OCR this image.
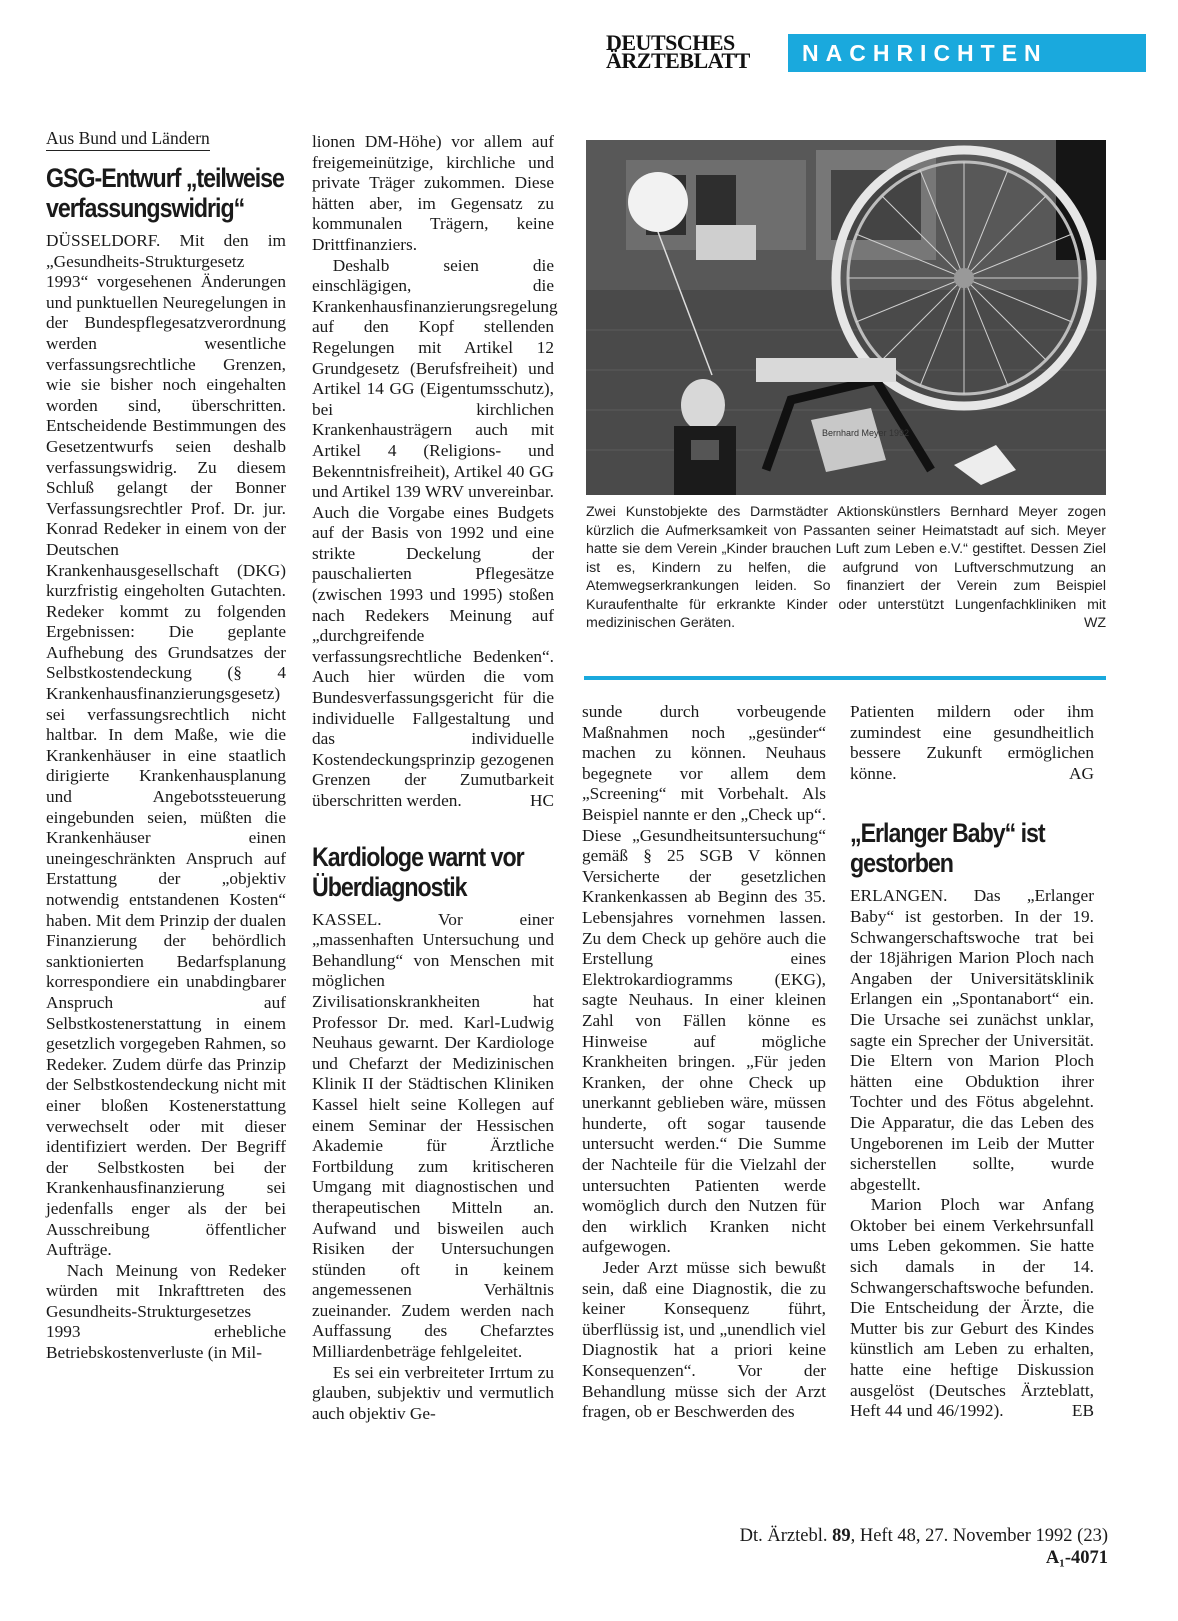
DEUTSCHES
ÄRZTEBLATT	NACHRICHTEN
Aus Bund und Ländern
GSG-Entwurf „teilweise verfassungswidrig“

DÜSSELDORF. Mit den im „Gesundheits-Strukturgesetz 1993“ vorgesehenen Änderungen und punktuellen Neuregelungen in der Bundespflegesatzverordnung werden wesentliche verfassungsrechtliche Grenzen, wie sie bisher noch eingehalten worden sind, überschritten. Entscheidende Bestimmungen des Gesetzentwurfs seien deshalb verfassungswidrig. Zu diesem Schluß gelangt der Bonner Verfassungsrechtler Prof. Dr. jur. Konrad Redeker in einem von der Deutschen Krankenhausgesellschaft (DKG) kurzfristig eingeholten Gutachten. Redeker kommt zu folgenden Ergebnissen: Die geplante Aufhebung des Grundsatzes der Selbstkostendeckung (§ 4 Krankenhausfinanzierungsgesetz) sei verfassungsrechtlich nicht haltbar. In dem Maße, wie die Krankenhäuser in eine staatlich dirigierte Krankenhausplanung und Angebotssteuerung eingebunden seien, müßten die Krankenhäuser einen uneingeschränkten Anspruch auf Erstattung der „objektiv notwendig entstandenen Kosten“ haben. Mit dem Prinzip der dualen Finanzierung der behördlich sanktionierten Bedarfsplanung korrespondiere ein unabdingbarer Anspruch auf Selbstkostenerstattung in einem gesetzlich vorgegeben Rahmen, so Redeker. Zudem dürfe das Prinzip der Selbstkostendeckung nicht mit einer bloßen Kostenerstattung verwechselt oder mit dieser identifiziert werden. Der Begriff der Selbstkosten bei der Krankenhausfinanzierung sei jedenfalls enger als der bei Ausschreibung öffentlicher Aufträge.

Nach Meinung von Redeker würden mit Inkrafttreten des Gesundheits-Strukturgesetzes 1993 erhebliche Betriebskostenverluste (in Mil-

lionen DM-Höhe) vor allem auf freigemeinützige, kirchliche und private Träger zukommen. Diese hätten aber, im Gegensatz zu kommunalen Trägern, keine Drittfinanziers.

Deshalb seien die einschlägigen, die Krankenhausfinanzierungsregelung auf den Kopf stellenden Regelungen mit Artikel 12 Grundgesetz (Berufsfreiheit) und Artikel 14 GG (Eigentumsschutz), bei kirchlichen Krankenhausträgern auch mit Artikel 4 (Religions- und Bekenntnisfreiheit), Artikel 40 GG und Artikel 139 WRV unvereinbar. Auch die Vorgabe eines Budgets auf der Basis von 1992 und eine strikte Deckelung der pauschalierten Pflegesätze (zwischen 1993 und 1995) stoßen nach Redekers Meinung auf „durchgreifende verfassungsrechtliche Bedenken“. Auch hier würden die vom Bundesverfassungsgericht für die individuelle Fallgestaltung und das individuelle Kostendeckungsprinzip gezogenen Grenzen der Zumutbarkeit überschritten werden.	HC

Kardiologe warnt vor Überdiagnostik

KASSEL. Vor einer „massenhaften Untersuchung und Behandlung“ von Menschen mit möglichen Zivilisationskrankheiten hat Professor Dr. med. Karl-Ludwig Neuhaus gewarnt. Der Kardiologe und Chefarzt der Medizinischen Klinik II der Städtischen Kliniken Kassel hielt seine Kollegen auf einem Seminar der Hessischen Akademie für Ärztliche Fortbildung zum kritischeren Umgang mit diagnostischen und therapeutischen Mitteln an. Aufwand und bisweilen auch Risiken der Untersuchungen stünden oft in keinem angemessenen Verhältnis zueinander. Zudem werden nach Auffassung des Chefarztes Milliardenbeträge fehlgeleitet.

Es sei ein verbreiteter Irrtum zu glauben, subjektiv und vermutlich auch objektiv Ge-

Bernhard Meyer 1992

Zwei Kunstobjekte des Darmstädter Aktionskünstlers Bernhard Meyer zogen kürzlich die Aufmerksamkeit von Passanten seiner Heimatstadt auf sich. Meyer hatte sie dem Verein „Kinder brauchen Luft zum Leben e.V.“ gestiftet. Dessen Ziel ist es, Kindern zu helfen, die aufgrund von Luftverschmutzung an Atemwegserkrankungen leiden. So finanziert der Verein zum Beispiel Kuraufenthalte für erkrankte Kinder oder unterstützt Lungenfachkliniken mit medizinischen Geräten.	WZ

sunde durch vorbeugende Maßnahmen noch „gesünder“ machen zu können. Neuhaus begegnete vor allem dem „Screening“ mit Vorbehalt. Als Beispiel nannte er den „Check up“. Diese „Gesundheitsuntersuchung“ gemäß § 25 SGB V können Versicherte der gesetzlichen Krankenkassen ab Beginn des 35. Lebensjahres vornehmen lassen. Zu dem Check up gehöre auch die Erstellung eines Elektrokardiogramms (EKG), sagte Neuhaus. In einer kleinen Zahl von Fällen könne es Hinweise auf mögliche Krankheiten bringen. „Für jeden Kranken, der ohne Check up unerkannt geblieben wäre, müssen hunderte, oft sogar tausende untersucht werden.“ Die Summe der Nachteile für die Vielzahl der untersuchten Patienten werde womöglich durch den Nutzen für den wirklich Kranken nicht aufgewogen.

Jeder Arzt müsse sich bewußt sein, daß eine Diagnostik, die zu keiner Konsequenz führt, überflüssig ist, und „unendlich viel Diagnostik hat a priori keine Konsequenzen“. Vor der Behandlung müsse sich der Arzt fragen, ob er Beschwerden des

Patienten mildern oder ihm zumindest eine gesundheitlich bessere Zukunft ermöglichen könne.	AG

„Erlanger Baby“ ist gestorben

ERLANGEN. Das „Erlanger Baby“ ist gestorben. In der 19. Schwangerschaftswoche trat bei der 18jährigen Marion Ploch nach Angaben der Universitätsklinik Erlangen ein „Spontanabort“ ein. Die Ursache sei zunächst unklar, sagte ein Sprecher der Universität. Die Eltern von Marion Ploch hätten eine Obduktion ihrer Tochter und des Fötus abgelehnt. Die Apparatur, die das Leben des Ungeborenen im Leib der Mutter sicherstellen sollte, wurde abgestellt.

Marion Ploch war Anfang Oktober bei einem Verkehrsunfall ums Leben gekommen. Sie hatte sich damals in der 14. Schwangerschaftswoche befunden. Die Entscheidung der Ärzte, die Mutter bis zur Geburt des Kindes künstlich am Leben zu erhalten, hatte eine heftige Diskussion ausgelöst (Deutsches Ärzteblatt, Heft 44 und 46/1992).	EB

Dt. Ärztebl. 89, Heft 48, 27. November 1992 (23)   A₁-4071
